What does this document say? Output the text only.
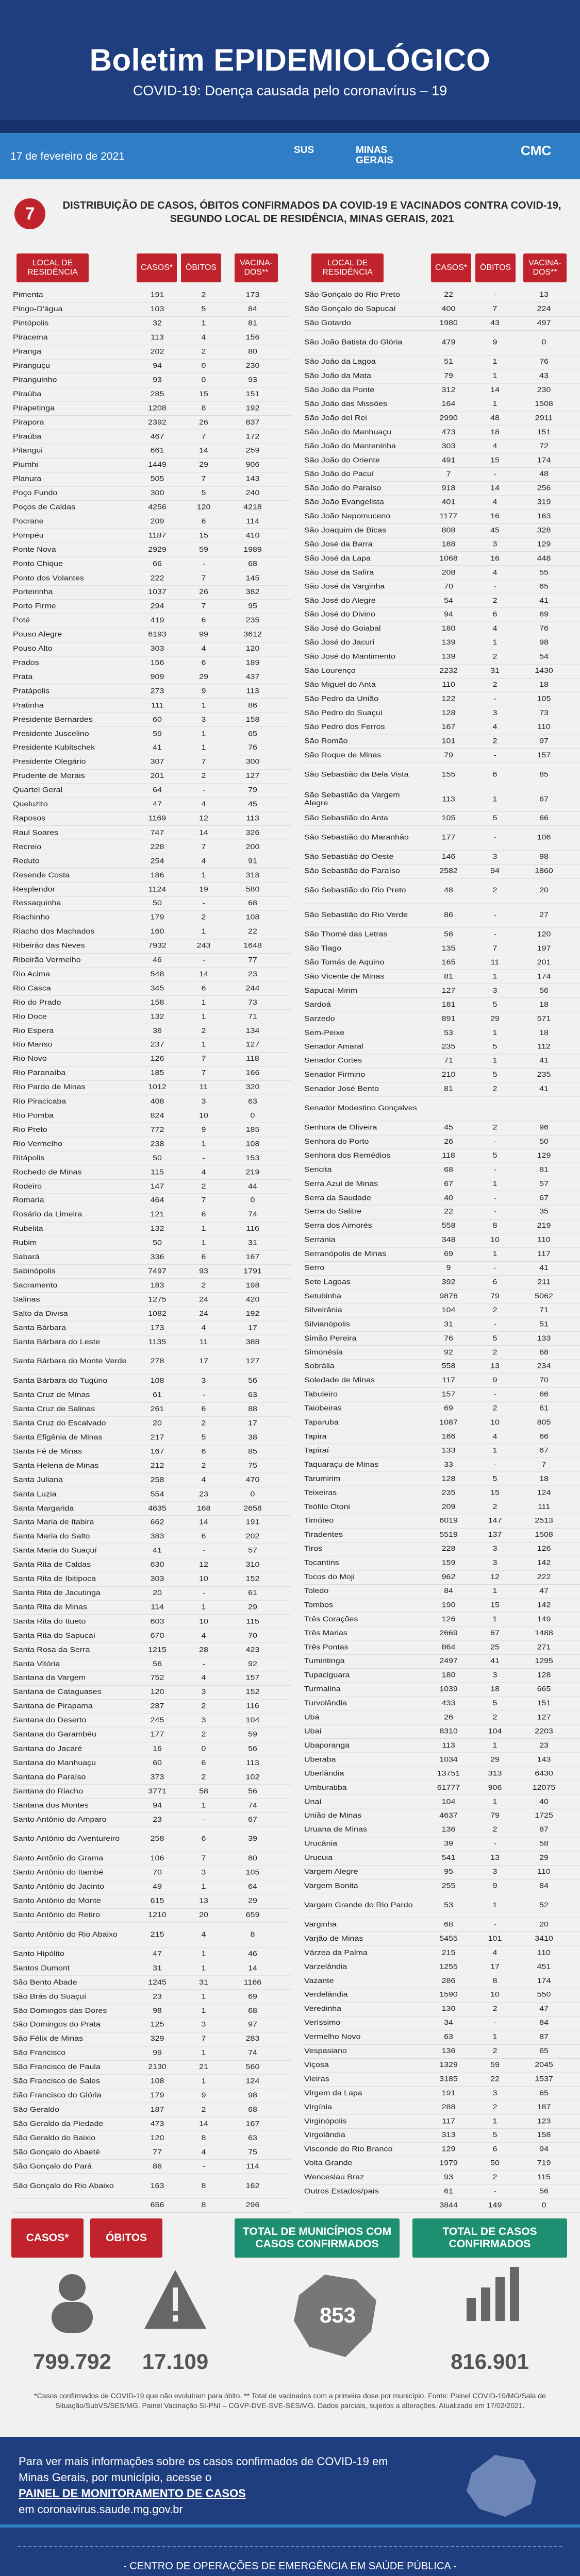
Boletim EPIDEMIOLÓGICO
COVID-19: Doença causada pelo coronavírus – 19
17 de fevereiro de 2021
SUS	MINAS GERAIS
CMC
7	DISTRIBUIÇÃO DE CASOS, ÓBITOS CONFIRMADOS DA COVID-19 E VACINADOS CONTRA COVID-19, SEGUNDO LOCAL DE RESIDÊNCIA, MINAS GERAIS, 2021
LOCAL DE RESIDÊNCIA
CASOS*	ÓBITOS
VACINA-DOS**
LOCAL DE RESIDÊNCIA
CASOS*	ÓBITOS
VACINA-DOS**
Pimenta	191	2	173
Pingo-D'água	103	5	84
Pintópolis	32	1	81
Piracema	113	4	156
Piranga	202	2	80
Piranguçu	94	0	230
Piranguinho	93	0	93
Piraúba	285	15	151
Pirapetinga	1208	8	192
Pirapora	2392	26	837
Piraúba	467	7	172
Pitangui	661	14	259
Piumhi	1449	29	906
Planura	505	7	143
Poço Fundo	300	5	240
Poços de Caldas	4256	120	4218
Pocrane	209	6	114
Pompéu	1187	15	410
Ponte Nova	2929	59	1989
Ponto Chique	66	-	68
Ponto dos Volantes	222	7	145
Porteirinha	1037	26	382
Porto Firme	294	7	95
Poté	419	6	235
Pouso Alegre	6193	99	3612
Pouso Alto	303	4	120
Prados	156	6	189
Prata	909	29	437
Pratápolis	273	9	113
Pratinha	111	1	86
Presidente Bernardes	60	3	158
Presidente Juscelino	59	1	65
Presidente Kubitschek	41	1	76
Presidente Olegário	307	7	300
Prudente de Morais	201	2	127
Quartel Geral	64	-	79
Queluzito	47	4	45
Raposos	1169	12	113
Raul Soares	747	14	326
Recreio	228	7	200
Reduto	254	4	91
Resende Costa	186	1	318
Resplendor	1124	19	580
Ressaquinha	50	-	68
Riachinho	179	2	108
Riacho dos Machados	160	1	22
Ribeirão das Neves	7932	243	1648
Ribeirão Vermelho	46	-	77
Rio Acima	548	14	23
Rio Casca	345	6	244
Rio do Prado	158	1	73
Rio Doce	132	1	71
Rio Espera	36	2	134
Rio Manso	237	1	127
Rio Novo	126	7	118
Rio Paranaíba	185	7	166
Rio Pardo de Minas	1012	11	320
Rio Piracicaba	408	3	63
Rio Pomba	824	10	0
Rio Preto	772	9	185
Rio Vermelho	238	1	108
Ritápolis	50	-	153
Rochedo de Minas	115	4	219
Rodeiro	147	2	44
Romaria	464	7	0
Rosário da Limeira	121	6	74
Rubelita	132	1	116
Rubim	50	1	31
Sabará	336	6	167
Sabinópolis	7497	93	1791
Sacramento	183	2	198
Salinas	1275	24	420
Salto da Divisa	1082	24	192
Santa Bárbara	173	4	17
Santa Bárbara do Leste	1135	11	388
Santa Bárbara do Monte Verde	278	17	127
Santa Bárbara do Tugúrio	108	3	56
Santa Cruz de Minas	61	-	63
Santa Cruz de Salinas	261	6	88
Santa Cruz do Escalvado	20	2	17
Santa Efigênia de Minas	217	5	38
Santa Fé de Minas	167	6	85
Santa Helena de Minas	212	2	75
Santa Juliana	258	4	470
Santa Luzia	554	23	0
Santa Margarida	4635	168	2658
Santa Maria de Itabira	662	14	191
Santa Maria do Salto	383	6	202
Santa Maria do Suaçuí	41	-	57
Santa Rita de Caldas	630	12	310
Santa Rita de Ibitipoca	303	10	152
Santa Rita de Jacutinga	20	-	61
Santa Rita de Minas	114	1	29
Santa Rita do Itueto	603	10	115
Santa Rita do Sapucaí	670	4	70
Santa Rosa da Serra	1215	28	423
Santa Vitória	56	-	92
Santana da Vargem	752	4	157
Santana de Cataguases	120	3	152
Santana de Pirapama	287	2	116
Santana do Deserto	245	3	104
Santana do Garambéu	177	2	59
Santana do Jacaré	16	0	56
Santana do Manhuaçu	60	6	113
Santana do Paraíso	373	2	102
Santana do Riacho	3771	58	56
Santana dos Montes	94	1	74
Santo Antônio do Amparo	23	-	67
Santo Antônio do Aventureiro	258	6	39
Santo Antônio do Grama	106	7	80
Santo Antônio do Itambé	70	3	105
Santo Antônio do Jacinto	49	1	64
Santo Antônio do Monte	615	13	29
Santo Antônio do Retiro	1210	20	659
Santo Antônio do Rio Abaixo	215	4	8
Santo Hipólito	47	1	46
Santos Dumont	31	1	14
São Bento Abade	1245	31	1166
São Brás do Suaçuí	23	1	69
São Domingos das Dores	98	1	68
São Domingos do Prata	125	3	97
São Félix de Minas	329	7	283
São Francisco	99	1	74
São Francisco de Paula	2130	21	560
São Francisco de Sales	108	1	124
São Francisco do Glória	179	9	98
São Geraldo	187	2	68
São Geraldo da Piedade	473	14	167
São Geraldo do Baixio	120	8	63
São Gonçalo do Abaeté	77	4	75
São Gonçalo do Pará	86	-	114
São Gonçalo do Rio Abaixo	163	8	162
656	8	296
São Gonçalo do Rio Preto	22	-	13
São Gonçalo do Sapucaí	400	7	224
São Gotardo	1980	43	497
São João Batista do Glória	479	9	0
São João da Lagoa	51	1	76
São João da Mata	79	1	43
São João da Ponte	312	14	230
São João das Missões	164	1	1508
São João del Rei	2990	48	2911
São João do Manhuaçu	473	18	151
São João do Manteninha	303	4	72
São João do Oriente	491	15	174
São João do Pacuí	7	-	48
São João do Paraíso	918	14	256
São João Evangelista	401	4	319
São João Nepomuceno	1177	16	163
São Joaquim de Bicas	808	45	328
São José da Barra	188	3	129
São José da Lapa	1068	16	448
São José da Safira	208	4	55
São José da Varginha	70	-	65
São José do Alegre	54	2	41
São José do Divino	94	6	69
São José do Goiabal	180	4	76
São José do Jacuri	139	1	98
São José do Mantimento	139	2	54
São Lourenço	2232	31	1430
São Miguel do Anta	110	2	18
São Pedro da União	122	-	105
São Pedro do Suaçuí	128	3	73
São Pedro dos Ferros	167	4	110
São Romão	101	2	97
São Roque de Minas	79	-	157
São Sebastião da Bela Vista	155	6	85
São Sebastião da Vargem Alegre
113	1	67
São Sebastião do Anta	105	5	66
São Sebastião do Maranhão	177	-	106
São Sebastião do Oeste	146	3	98
São Sebastião do Paraíso	2582	94	1860
São Sebastião do Rio Preto	48	2	20
São Sebastião do Rio Verde	86	-	27
São Thomé das Letras	56	-	120
São Tiago	135	7	197
São Tomás de Aquino	165	11	201
São Vicente de Minas	81	1	174
Sapucaí-Mirim	127	3	56
Sardoá	181	5	18
Sarzedo	891	29	571
Sem-Peixe	53	1	18
Senador Amaral	235	5	112
Senador Cortes	71	1	41
Senador Firmino	210	5	235
Senador José Bento	81	2	41
Senador Modestino Gonçalves
Senhora de Oliveira	45	2	96
Senhora do Porto	26	-	50
Senhora dos Remédios	118	5	129
Sericita	68	-	81
Serra Azul de Minas	67	1	57
Serra da Saudade	40	-	67
Serra do Salitre	22	-	35
Serra dos Aimorés	558	8	219
Serrania	348	10	110
Serranópolis de Minas	69	1	117
Serro	9	-	41
Sete Lagoas	392	6	211
Setubinha	9876	79	5062
Silveirânia	104	2	71
Silvianópolis	31	-	51
Simão Pereira	76	5	133
Simonésia	92	2	68
Sobrália	558	13	234
Soledade de Minas	117	9	70
Tabuleiro	157	-	66
Taiobeiras	69	2	61
Taparuba	1087	10	805
Tapira	166	4	66
Tapiraí	133	1	67
Taquaraçu de Minas	33	-	7
Tarumirim	128	5	18
Teixeiras	235	15	124
Teófilo Otoni	209	2	111
Timóteo	6019	147	2513
Tiradentes	5519	137	1508
Tiros	228	3	126
Tocantins	159	3	142
Tocos do Moji	962	12	222
Toledo	84	1	47
Tombos	190	15	142
Três Corações	126	1	149
Três Marias	2669	67	1488
Três Pontas	864	25	271
Tumiritinga	2497	41	1295
Tupaciguara	180	3	128
Turmalina	1039	18	665
Turvolândia	433	5	151
Ubá	26	2	127
Ubaí	8310	104	2203
Ubaporanga	113	1	23
Uberaba	1034	29	143
Uberlândia	13751	313	6430
Umburatiba	61777	906	12075
Unaí	104	1	40
União de Minas	4637	79	1725
Uruana de Minas	136	2	87
Urucânia	39	-	58
Urucuia	541	13	29
Vargem Alegre	95	3	110
Vargem Bonita	255	9	84
Vargem Grande do Rio Pardo	53	1	52
Varginha	68	-	20
Varjão de Minas	5455	101	3410
Várzea da Palma	215	4	110
Varzelândia	1255	17	451
Vazante	286	8	174
Verdelândia	1590	10	550
Veredinha	130	2	47
Veríssimo	34	-	84
Vermelho Novo	63	1	87
Vespasiano	136	2	65
Viçosa	1329	59	2045
Vieiras	3185	22	1537
Virgem da Lapa	191	3	65
Virgínia	288	2	187
Virginópolis	117	1	123
Virgolândia	313	5	158
Visconde do Rio Branco	129	6	94
Volta Grande	1979	50	719
Wenceslau Braz	93	2	115
Outros Estados/país	61	-	56
3844	149	0
CASOS*	ÓBITOS
TOTAL DE MUNICÍPIOS COM CASOS CONFIRMADOS
TOTAL DE CASOS CONFIRMADOS
799.792	17.109
853
816.901
*Casos confirmados de COVID-19 que não evoluíram para óbito. ** Total de vacinados com a primeira dose por município. Fonte: Painel COVID-19/MG/Sala de Situação/SubVS/SES/MG. Painel Vacinação SI-PNI – CGVP-DVE-SVE-SES/MG. Dados parciais, sujeitos a alterações. Atualizado em 17/02/2021.
Para ver mais informações sobre os casos confirmados de COVID-19 em Minas Gerais, por município, acesse o
PAINEL DE MONITORAMENTO DE CASOS
em coronavirus.saude.mg.gov.br
- CENTRO DE OPERAÇÕES DE EMERGÊNCIA EM SAÚDE PÚBLICA -
